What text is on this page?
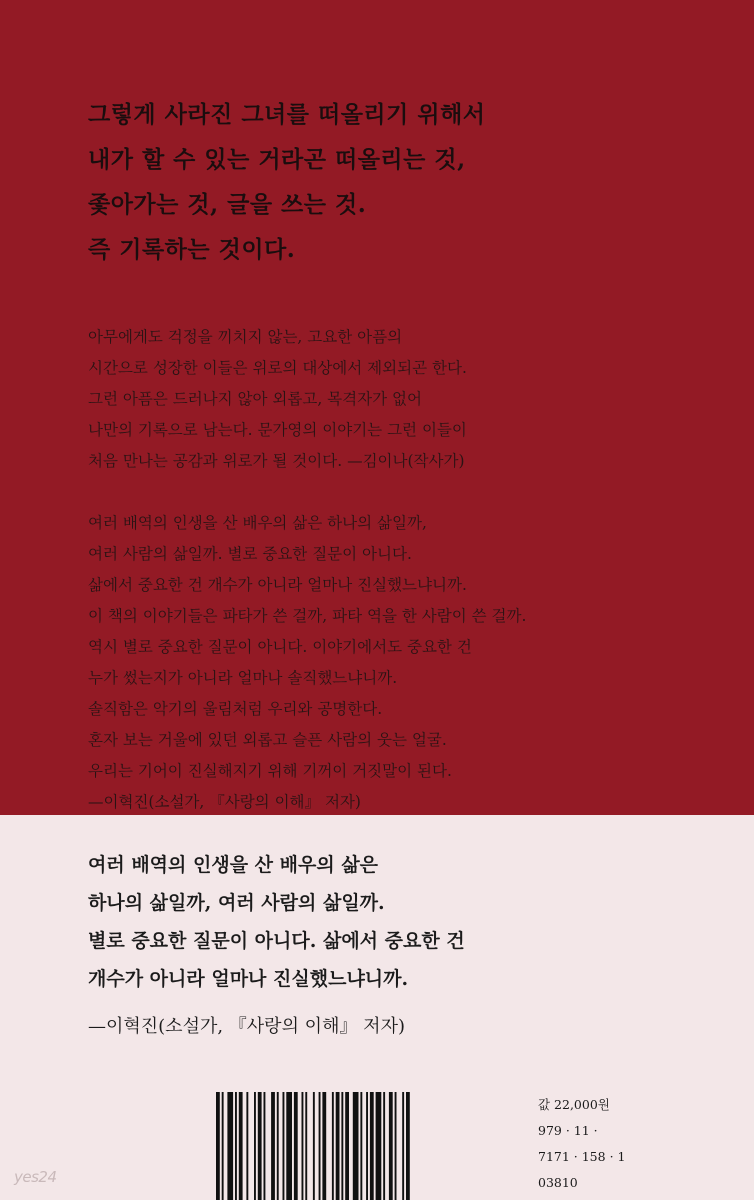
그렇게 사라진 그녀를 떠올리기 위해서

내가 할 수 있는 거라곤 떠올리는 것,

좇아가는 것, 글을 쓰는 것.

즉 기록하는 것이다.

아무에게도 걱정을 끼치지 않는, 고요한 아픔의

시간으로 성장한 이들은 위로의 대상에서 제외되곤 한다.

그런 아픔은 드러나지 않아 외롭고, 목격자가 없어

나만의 기록으로 남는다. 문가영의 이야기는 그런 이들이

처음 만나는 공감과 위로가 될 것이다. —김이나(작사가)

여러 배역의 인생을 산 배우의 삶은 하나의 삶일까,

여러 사람의 삶일까. 별로 중요한 질문이 아니다.

삶에서 중요한 건 개수가 아니라 얼마나 진실했느냐니까.

이 책의 이야기들은 파타가 쓴 걸까, 파타 역을 한 사람이 쓴 걸까.

역시 별로 중요한 질문이 아니다. 이야기에서도 중요한 건

누가 썼는지가 아니라 얼마나 솔직했느냐니까.

솔직함은 악기의 울림처럼 우리와 공명한다.

혼자 보는 거울에 있던 외롭고 슬픈 사람의 웃는 얼굴.

우리는 기어이 진실해지기 위해 기꺼이 거짓말이 된다.

—이혁진(소설가, 『사랑의 이해』 저자)

여러 배역의 인생을 산 배우의 삶은

하나의 삶일까, 여러 사람의 삶일까.

별로 중요한 질문이 아니다. 삶에서 중요한 건

개수가 아니라 얼마나 진실했느냐니까.

—이혁진(소설가, 『사랑의 이해』 저자)

값 22,000원

979 · 11 ·

7171 · 158 · 1

03810

yes24
